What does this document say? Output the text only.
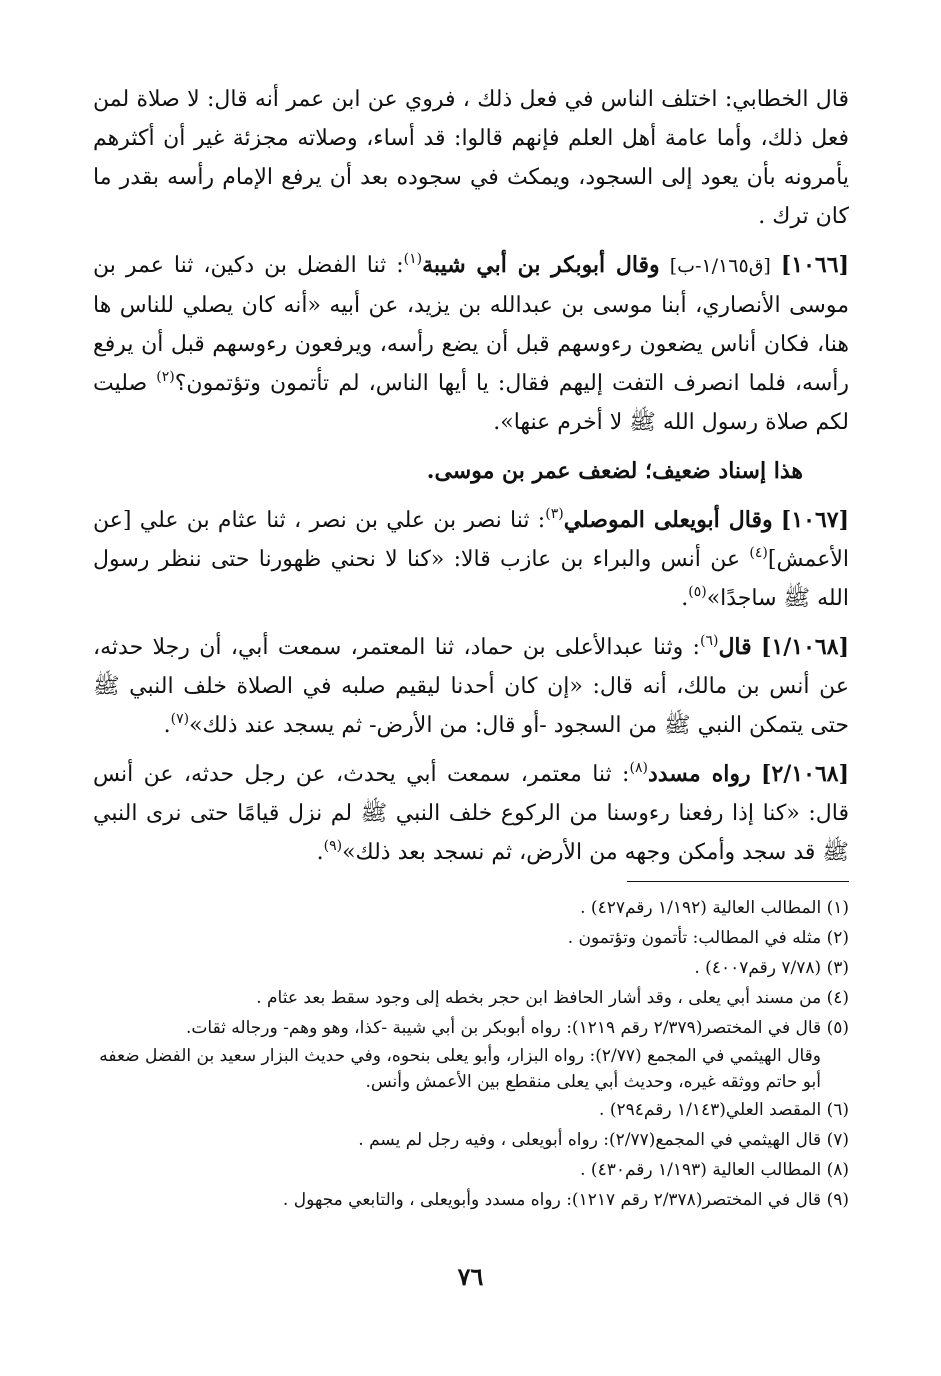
قال الخطابي: اختلف الناس في فعل ذلك ، فروي عن ابن عمر أنه قال: لا صلاة لمن فعل ذلك، وأما عامة أهل العلم فإنهم قالوا: قد أساء، وصلاته مجزئة غير أن أكثرهم يأمرونه بأن يعود إلى السجود، ويمكث في سجوده بعد أن يرفع الإمام رأسه بقدر ما كان ترك .

[١٠٦٦] [ق١/١٦٥-ب] وقال أبوبكر بن أبي شيبة$^{(١)}$: ثنا الفضل بن دكين، ثنا عمر بن موسى الأنصاري، أبنا موسى بن عبدالله بن يزيد، عن أبيه «أنه كان يصلي للناس ها هنا، فكان أناس يضعون رءوسهم قبل أن يضع رأسه، ويرفعون رءوسهم قبل أن يرفع رأسه، فلما انصرف التفت إليهم فقال: يا أيها الناس، لم تأتمون وتؤتمون؟$^{(٢)}$ صليت لكم صلاة رسول الله ﷺ لا أخرم عنها».

هذا إسناد ضعيف؛ لضعف عمر بن موسى.

[١٠٦٧] وقال أبويعلى الموصلي$^{(٣)}$: ثنا نصر بن علي بن نصر ، ثنا عثام بن علي [عن الأعمش]$^{(٤)}$ عن أنس والبراء بن عازب قالا: «كنا لا نحني ظهورنا حتى ننظر رسول الله ﷺ ساجدًا»$^{(٥)}$.

[١/١٠٦٨] قال$^{(٦)}$: وثنا عبدالأعلى بن حماد، ثنا المعتمر، سمعت أبي، أن رجلا حدثه، عن أنس بن مالك، أنه قال: «إن كان أحدنا ليقيم صلبه في الصلاة خلف النبي ﷺ حتى يتمكن النبي ﷺ من السجود -أو قال: من الأرض- ثم يسجد عند ذلك»$^{(٧)}$.

[٢/١٠٦٨] رواه مسدد$^{(٨)}$: ثنا معتمر، سمعت أبي يحدث، عن رجل حدثه، عن أنس قال: «كنا إذا رفعنا رءوسنا من الركوع خلف النبي ﷺ لم نزل قيامًا حتى نرى النبي ﷺ قد سجد وأمكن وجهه من الأرض، ثم نسجد بعد ذلك»$^{(٩)}$.

(١) المطالب العالية (١/١٩٢ رقم٤٢٧) .
(٢) مثله في المطالب: تأتمون وتؤتمون .
(٣) (٧/٧٨ رقم٤٠٠٧) .
(٤) من مسند أبي يعلى ، وقد أشار الحافظ ابن حجر بخطه إلى وجود سقط بعد عثام .
(٥) قال في المختصر(٢/٣٧٩ رقم ١٢١٩): رواه أبوبكر بن أبي شيبة -كذا، وهو وهم- ورجاله ثقات.
وقال الهيثمي في المجمع (٢/٧٧): رواه البزار، وأبو يعلى بنحوه، وفي حديث البزار سعيد بن الفضل ضعفه أبو حاتم ووثقه غيره، وحديث أبي يعلى منقطع بين الأعمش وأنس.
(٦) المقصد العلي(١/١٤٣ رقم٢٩٤) .
(٧) قال الهيثمي في المجمع(٢/٧٧): رواه أبويعلى ، وفيه رجل لم يسم .
(٨) المطالب العالية (١/١٩٣ رقم٤٣٠) .
(٩) قال في المختصر(٢/٣٧٨ رقم ١٢١٧): رواه مسدد وأبويعلى ، والتابعي مجهول .
٧٦
